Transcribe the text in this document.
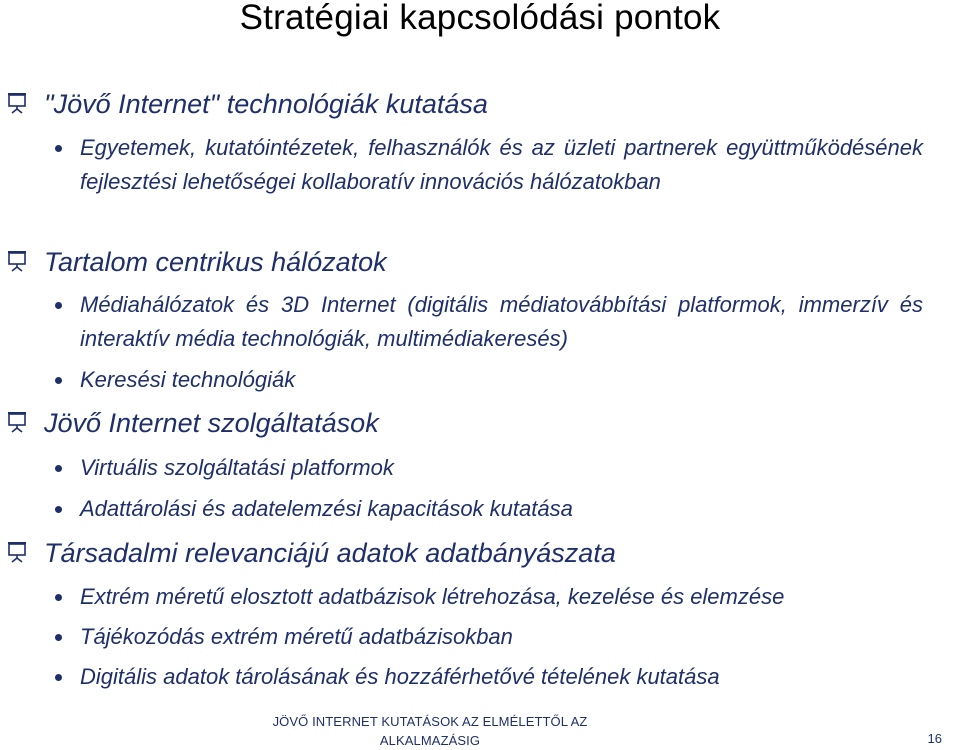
Stratégiai kapcsolódási pontok
"Jövő Internet" technológiák kutatása
Egyetemek, kutatóintézetek, felhasználók és az üzleti partnerek együttműködésének fejlesztési lehetőségei kollaboratív innovációs hálózatokban
Tartalom centrikus hálózatok
Médiahálózatok és 3D Internet (digitális médiatovábbítási platformok, immerzív és interaktív média technológiák, multimédiakeresés)
Keresési technológiák
Jövő Internet szolgáltatások
Virtuális szolgáltatási platformok
Adattárolási és adatelemzési kapacitások kutatása
Társadalmi relevanciájú adatok adatbányászata
Extrém méretű elosztott adatbázisok létrehozása, kezelése és elemzése
Tájékozódás extrém méretű adatbázisokban
Digitális adatok tárolásának és hozzáférhetővé tételének kutatása
JÖVŐ INTERNET KUTATÁSOK AZ ELMÉLETTŐL AZ ALKALMAZÁSIG	16
